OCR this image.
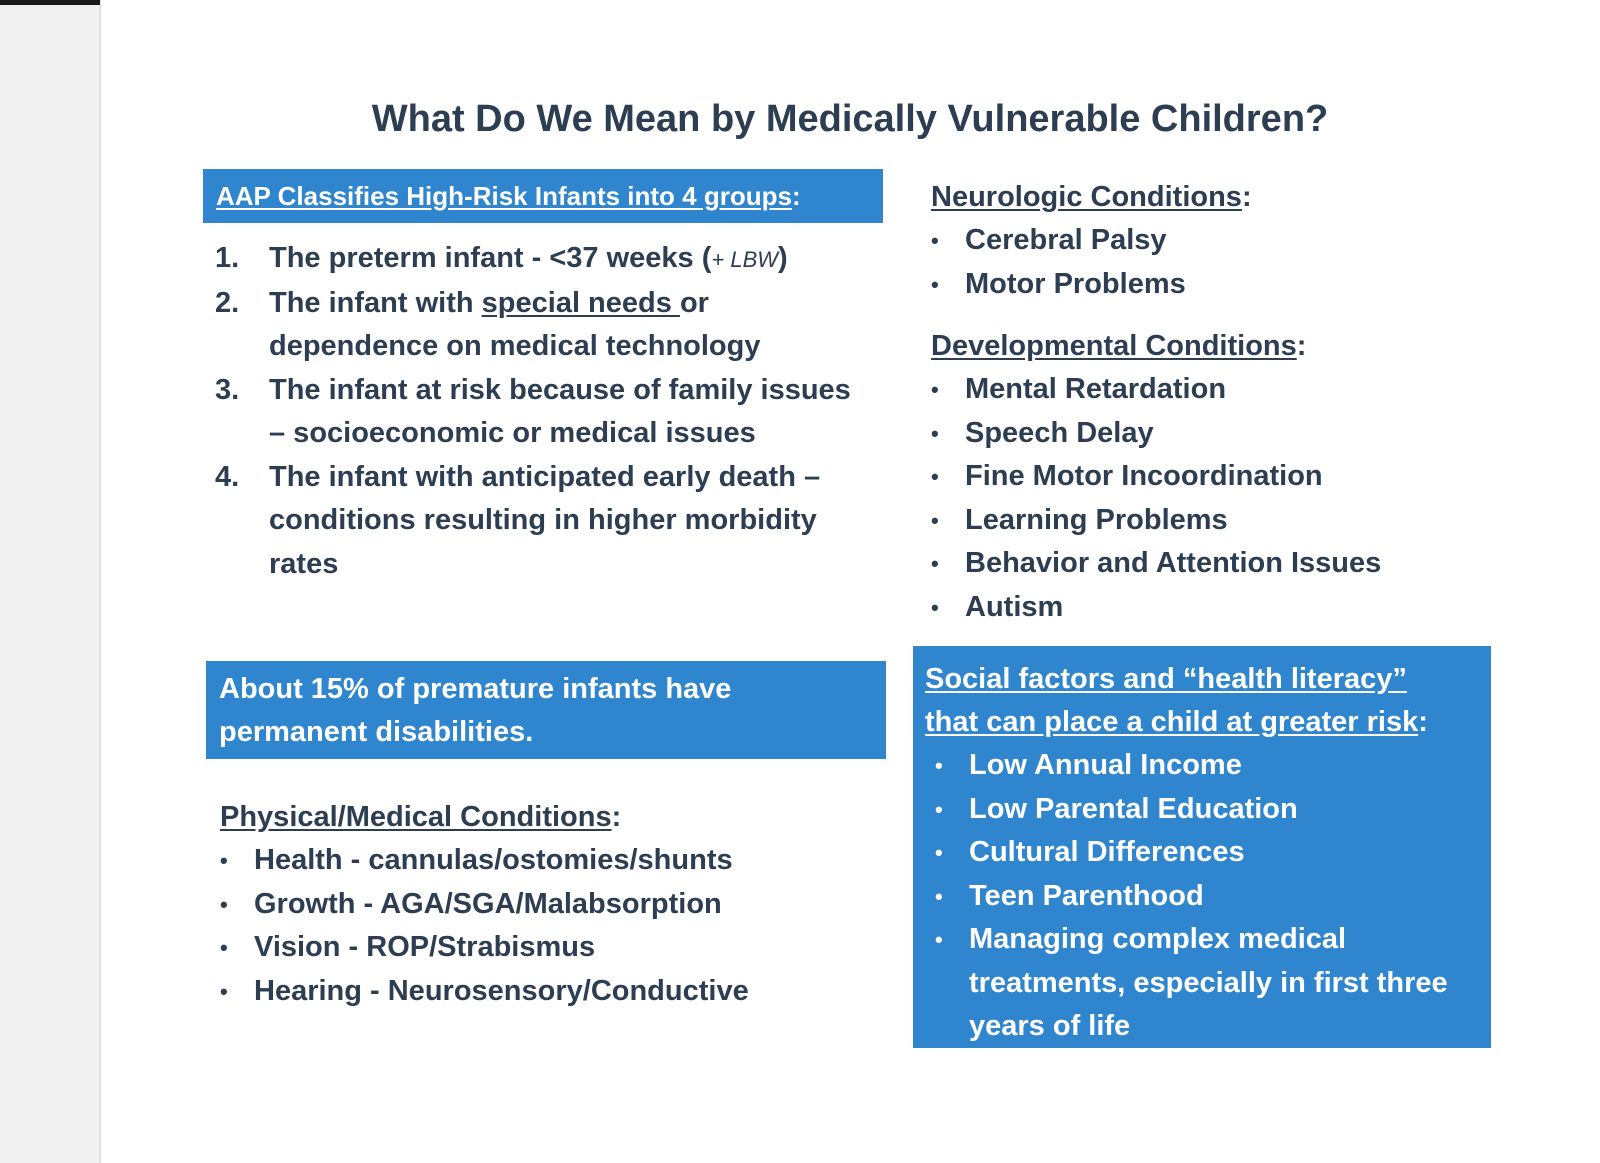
What Do We Mean by Medically Vulnerable Children?
AAP Classifies High-Risk Infants into 4 groups:
1.	The preterm infant - <37 weeks (+ LBW)
2.	The infant with special needs or dependence on medical technology
3.	The infant at risk because of family issues – socioeconomic or medical issues
4.	The infant with anticipated early death – conditions resulting in higher morbidity rates
About 15% of premature infants have permanent disabilities.
Physical/Medical Conditions:
• Health - cannulas/ostomies/shunts
• Growth - AGA/SGA/Malabsorption
• Vision - ROP/Strabismus
• Hearing - Neurosensory/Conductive
Neurologic Conditions:
• Cerebral Palsy
• Motor Problems
Developmental Conditions:
• Mental Retardation
• Speech Delay
• Fine Motor Incoordination
• Learning Problems
• Behavior and Attention Issues
• Autism
Social factors and “health literacy”
that can place a child at greater risk:
• Low Annual Income
• Low Parental Education
• Cultural Differences
• Teen Parenthood
• Managing complex medical treatments, especially in first three years of life
